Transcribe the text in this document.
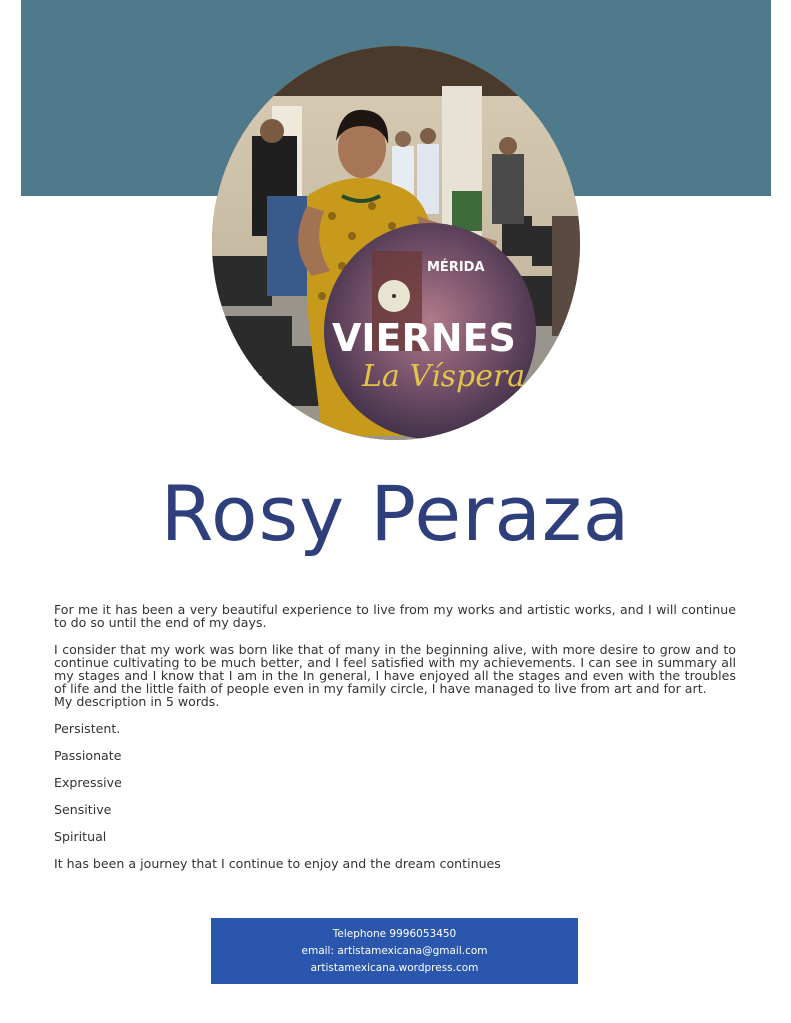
MÉRIDA
VIERNES
La Víspera
Rosy Peraza

For me it has been a very beautiful experience to live from my works and artistic works, and I will continue to do so until the end of my days.

I consider that my work was born like that of many in the beginning alive, with more desire to grow and to continue cultivating to be much better, and I feel satisfied with my achievements. I can see in summary all my stages and I know that I am in the In general, I have enjoyed all the stages and even with the troubles of life and the little faith of people even in my family circle, I have managed to live from art and for art.

My description in 5 words.

Persistent.

Passionate

Expressive

Sensitive

Spiritual

It has been a journey that I continue to enjoy and the dream continues

Telephone 9996053450
email: artistamexicana@gmail.com
artistamexicana.wordpress.com
